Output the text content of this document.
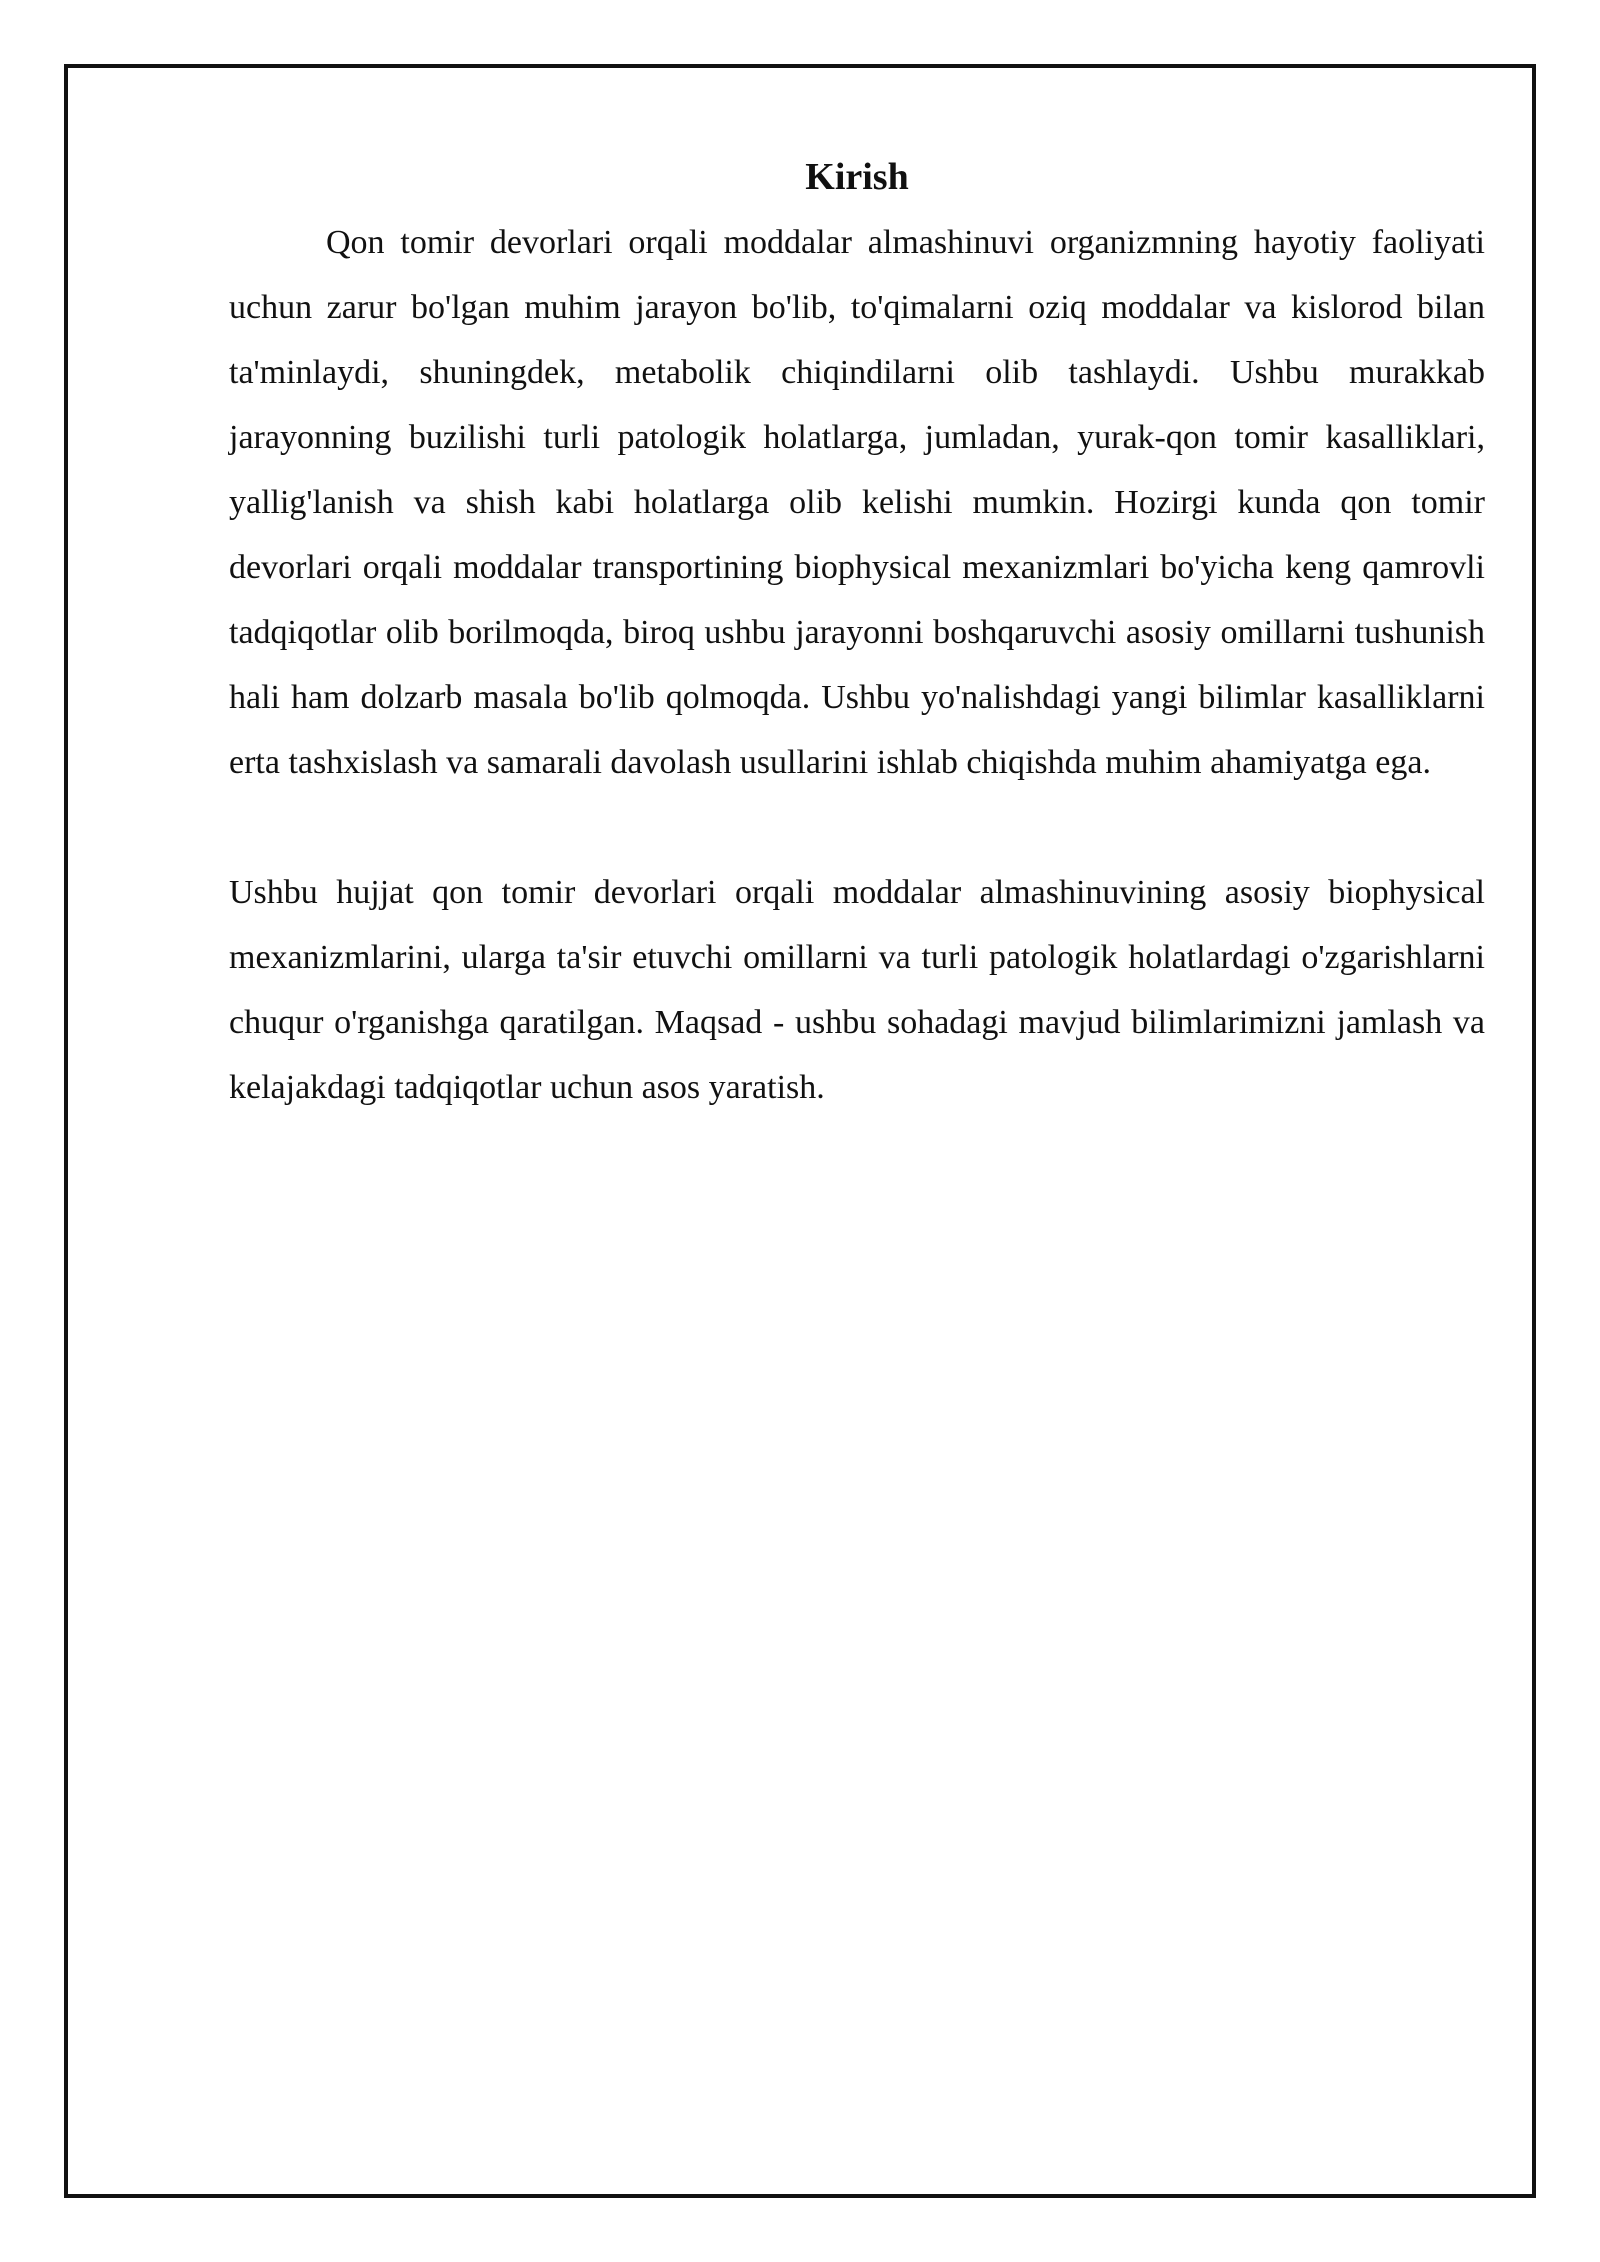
Kirish

Qon tomir devorlari orqali moddalar almashinuvi organizmning hayotiy faoliyati uchun zarur bo'lgan muhim jarayon bo'lib, to'qimalarni oziq moddalar va kislorod bilan ta'minlaydi, shuningdek, metabolik chiqindilarni olib tashlaydi. Ushbu murakkab jarayonning buzilishi turli patologik holatlarga, jumladan, yurak-qon tomir kasalliklari, yallig'lanish va shish kabi holatlarga olib kelishi mumkin. Hozirgi kunda qon tomir devorlari orqali moddalar transportining biophysical mexanizmlari bo'yicha keng qamrovli tadqiqotlar olib borilmoqda, biroq ushbu jarayonni boshqaruvchi asosiy omillarni tushunish hali ham dolzarb masala bo'lib qolmoqda. Ushbu yo'nalishdagi yangi bilimlar kasalliklarni erta tashxislash va samarali davolash usullarini ishlab chiqishda muhim ahamiyatga ega.

Ushbu hujjat qon tomir devorlari orqali moddalar almashinuvining asosiy biophysical mexanizmlarini, ularga ta'sir etuvchi omillarni va turli patologik holatlardagi o'zgarishlarni chuqur o'rganishga qaratilgan. Maqsad - ushbu sohadagi mavjud bilimlarimizni jamlash va kelajakdagi tadqiqotlar uchun asos yaratish.
